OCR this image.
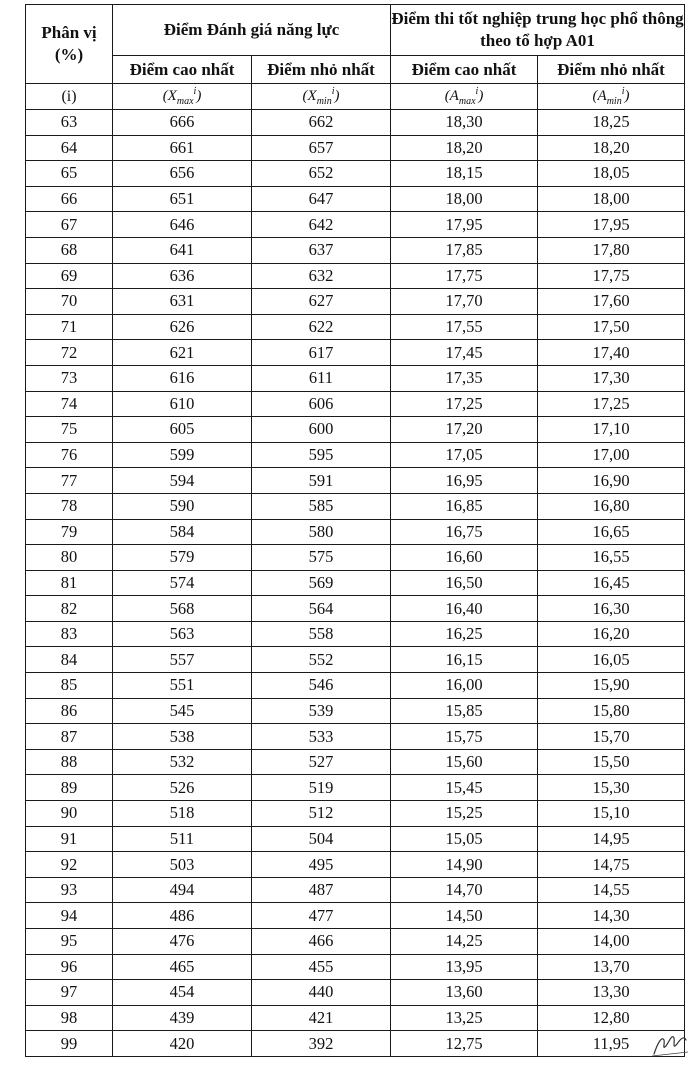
Phân vị
(%)	Điểm Đánh giá năng lực		Điểm thi tốt nghiệp trung học phổ thông theo tổ hợp A01	
	Điểm cao nhất	Điểm nhỏ nhất	Điểm cao nhất	Điểm nhỏ nhất
(i)	$(X_{max}^i)$	$(X_{min}^i)$	$(A_{max}^i)$	$(A_{min}^i)$
63	666	662	18,30	18,25
64	661	657	18,20	18,20
65	656	652	18,15	18,05
66	651	647	18,00	18,00
67	646	642	17,95	17,95
68	641	637	17,85	17,80
69	636	632	17,75	17,75
70	631	627	17,70	17,60
71	626	622	17,55	17,50
72	621	617	17,45	17,40
73	616	611	17,35	17,30
74	610	606	17,25	17,25
75	605	600	17,20	17,10
76	599	595	17,05	17,00
77	594	591	16,95	16,90
78	590	585	16,85	16,80
79	584	580	16,75	16,65
80	579	575	16,60	16,55
81	574	569	16,50	16,45
82	568	564	16,40	16,30
83	563	558	16,25	16,20
84	557	552	16,15	16,05
85	551	546	16,00	15,90
86	545	539	15,85	15,80
87	538	533	15,75	15,70
88	532	527	15,60	15,50
89	526	519	15,45	15,30
90	518	512	15,25	15,10
91	511	504	15,05	14,95
92	503	495	14,90	14,75
93	494	487	14,70	14,55
94	486	477	14,50	14,30
95	476	466	14,25	14,00
96	465	455	13,95	13,70
97	454	440	13,60	13,30
98	439	421	13,25	12,80
99	420	392	12,75	11,95
